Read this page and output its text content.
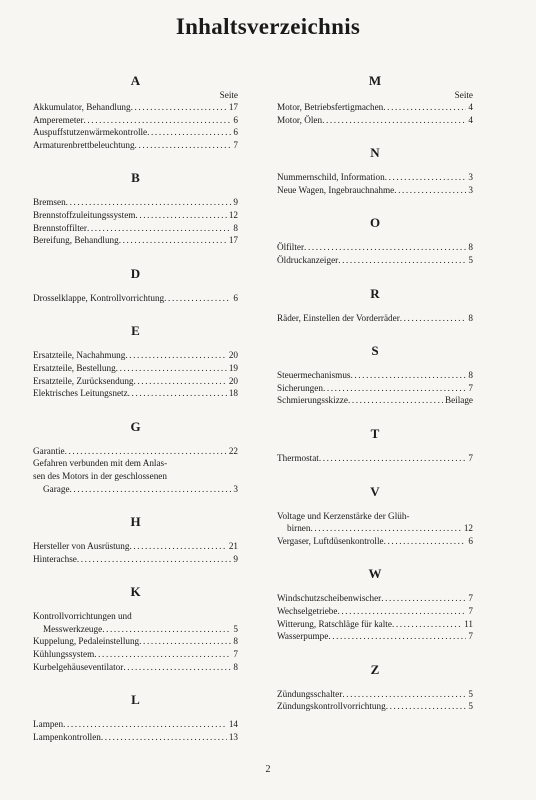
Inhaltsverzeichnis
A
Seite
Akkumulator, Behandlung .....	17
Amperemeter .....	6
Auspuffstutzenwärmekontrolle .....	6
Armaturenbrettbeleuchtung .....	7
B
Bremsen .....	9
Brennstoffzuleitungssystem .....	12
Brennstoffilter .....	8
Bereifung, Behandlung .....	17
D
Drosselklappe, Kontrollvorrichtung .....	6
E
Ersatzteile, Nachahmung .....	20
Ersatzteile, Bestellung .....	19
Ersatzteile, Zurücksendung .....	20
Elektrisches Leitungsnetz .....	18
G
Garantie .....	22
Gefahren verbunden mit dem Anlas-
sen des Motors in der geschlossenen
Garage .....	3
H
Hersteller von Ausrüstung .....	21
Hinterachse .....	9
K
Kontrollvorrichtungen und
Messwerkzeuge .....	5
Kuppelung, Pedaleinstellung .....	8
Kühlungssystem .....	7
Kurbelgehäuseventilator .....	8
L
Lampen .....	14
Lampenkontrollen .....	13
M
Seite
Motor, Betriebsfertigmachen .....	4
Motor, Ölen .....	4
N
Nummernschild, Information .....	3
Neue Wagen, Ingebrauchnahme .....	3
O
Ölfilter .....	8
Öldruckanzeiger .....	5
R
Räder, Einstellen der Vorderräder .....	8
S
Steuermechanismus .....	8
Sicherungen .....	7
Schmierungsskizze .....	Beilage
T
Thermostat .....	7
V
Voltage und Kerzenstärke der Glüh-
birnen .....	12
Vergaser, Luftdüsenkontrolle .....	6
W
Windschutzscheibenwischer .....	7
Wechselgetriebe .....	7
Witterung, Ratschläge für kalte .....	11
Wasserpumpe .....	7
Z
Zündungsschalter .....	5
Zündungskontrollvorrichtung .....	5
2
